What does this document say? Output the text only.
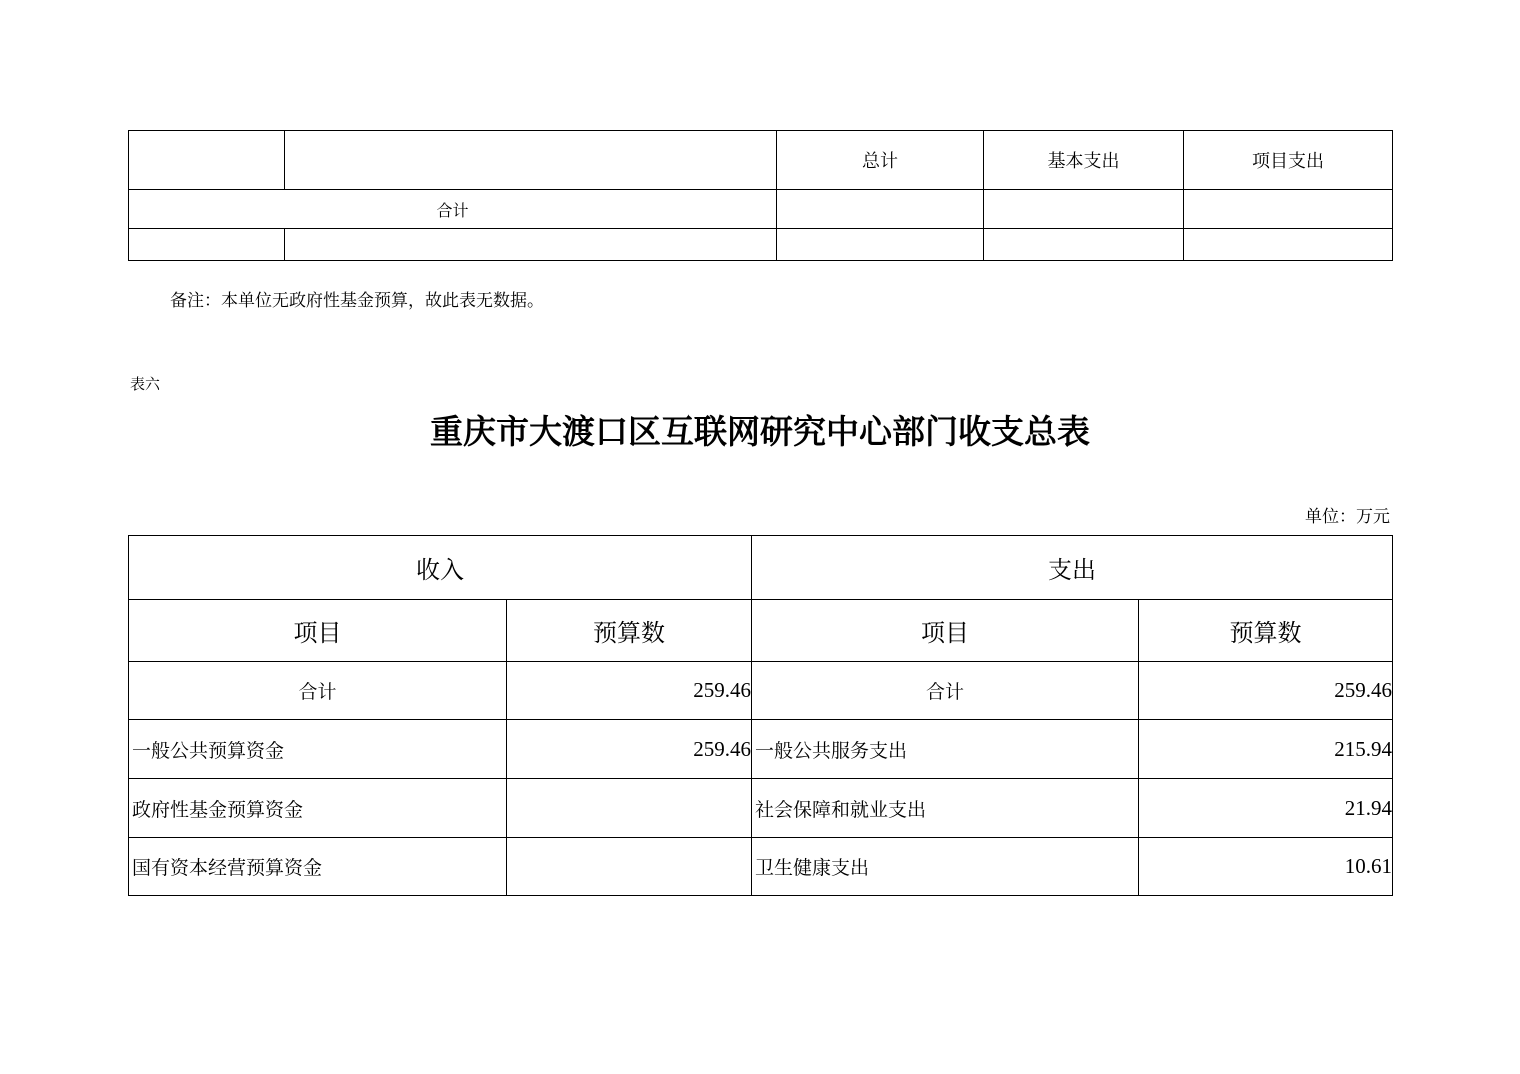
		总计	基本支出	项目支出
合计				

备注：本单位无政府性基金预算，故此表无数据。
表六
重庆市大渡口区互联网研究中心部门收支总表
单位：万元
收入		支出	
项目	预算数	项目	预算数
合计	259.46	合计	259.46
一般公共预算资金	259.46	一般公共服务支出	215.94
政府性基金预算资金		社会保障和就业支出	21.94
国有资本经营预算资金		卫生健康支出	10.61
